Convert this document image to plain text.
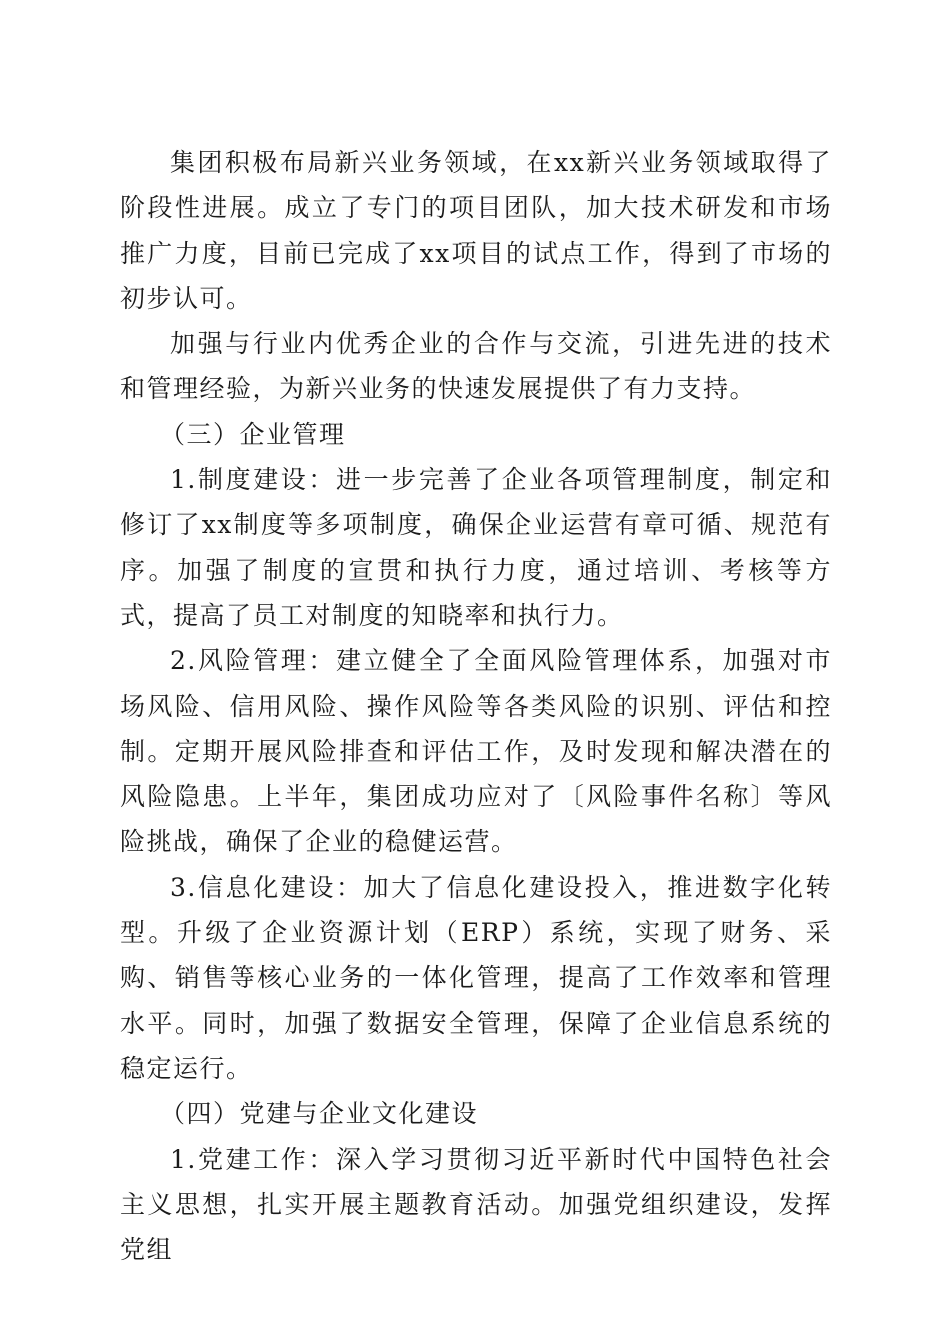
集团积极布局新兴业务领域，在xx新兴业务领域取得了阶段性进展。成立了专门的项目团队，加大技术研发和市场推广力度，目前已完成了xx项目的试点工作，得到了市场的初步认可。

加强与行业内优秀企业的合作与交流，引进先进的技术和管理经验，为新兴业务的快速发展提供了有力支持。

（三）企业管理

1.制度建设：进一步完善了企业各项管理制度，制定和修订了xx制度等多项制度，确保企业运营有章可循、规范有序。加强了制度的宣贯和执行力度，通过培训、考核等方式，提高了员工对制度的知晓率和执行力。

2.风险管理：建立健全了全面风险管理体系，加强对市场风险、信用风险、操作风险等各类风险的识别、评估和控制。定期开展风险排查和评估工作，及时发现和解决潜在的风险隐患。上半年，集团成功应对了〔风险事件名称〕等风险挑战，确保了企业的稳健运营。

3.信息化建设：加大了信息化建设投入，推进数字化转型。升级了企业资源计划（ERP）系统，实现了财务、采购、销售等核心业务的一体化管理，提高了工作效率和管理水平。同时，加强了数据安全管理，保障了企业信息系统的稳定运行。

（四）党建与企业文化建设

1.党建工作：深入学习贯彻习近平新时代中国特色社会主义思想，扎实开展主题教育活动。加强党组织建设，发挥党组
